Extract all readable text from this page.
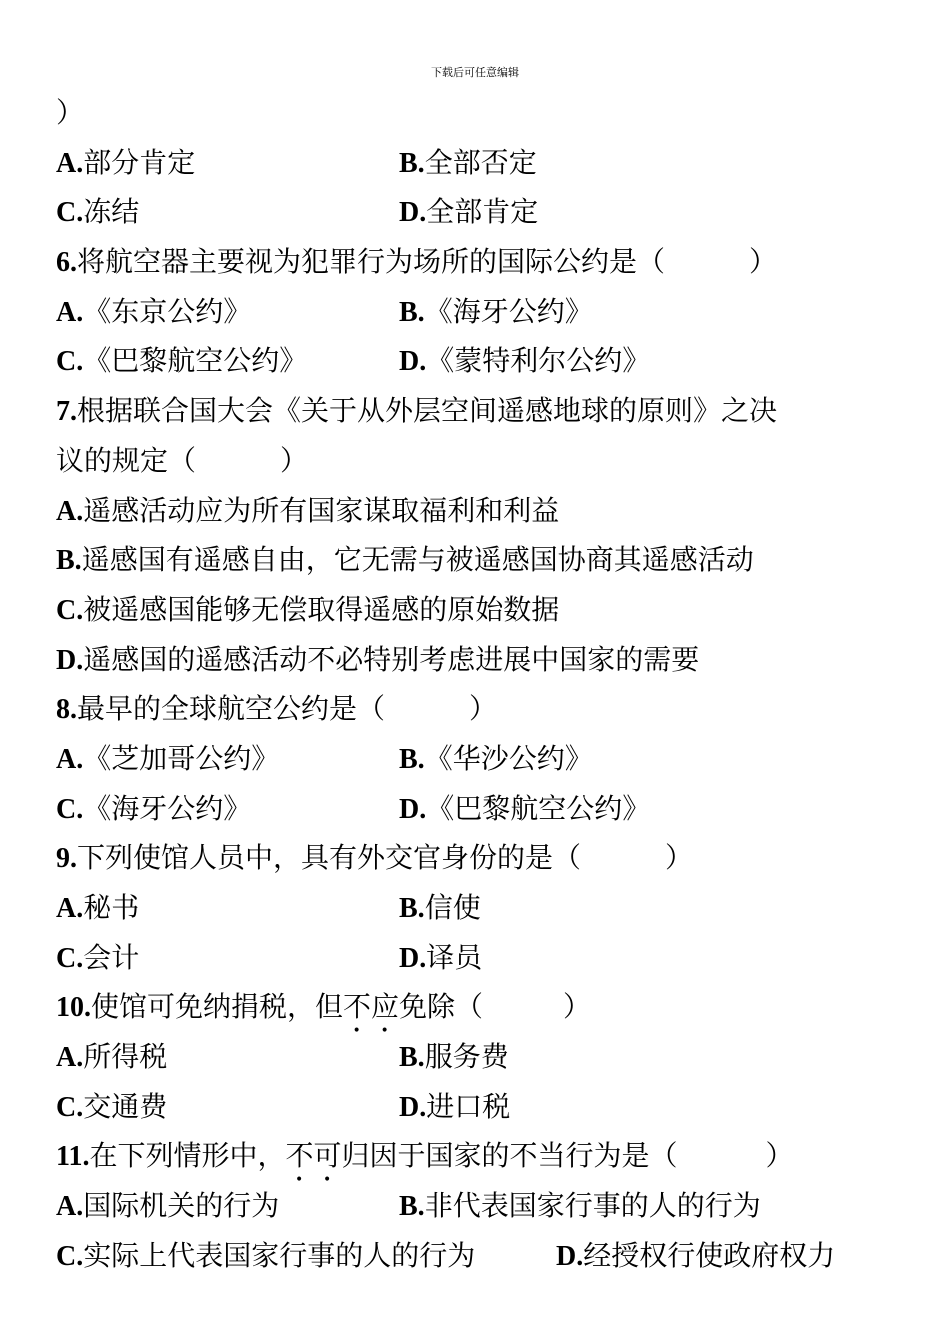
下载后可任意编辑
）
A.部分肯定	B.全部否定
C.冻结	D.全部肯定
6.将航空器主要视为犯罪行为场所的国际公约是（	）
A.《东京公约》	B.《海牙公约》
C.《巴黎航空公约》	D.《蒙特利尔公约》
7.根据联合国大会《关于从外层空间遥感地球的原则》之决
议的规定（	）
A.遥感活动应为所有国家谋取福利和利益
B.遥感国有遥感自由，它无需与被遥感国协商其遥感活动
C.被遥感国能够无偿取得遥感的原始数据
D.遥感国的遥感活动不必特别考虑进展中国家的需要
8.最早的全球航空公约是（	）
A.《芝加哥公约》	B.《华沙公约》
C.《海牙公约》	D.《巴黎航空公约》
9.下列使馆人员中，具有外交官身份的是（	）
A.秘书	B.信使
C.会计	D.译员
10.使馆可免纳捐税，但不应免除（	）
A.所得税	B.服务费
C.交通费	D.进口税
11.在下列情形中，不可归因于国家的不当行为是（	）
A.国际机关的行为	B.非代表国家行事的人的行为
C.实际上代表国家行事的人的行为	D.经授权行使政府权力
